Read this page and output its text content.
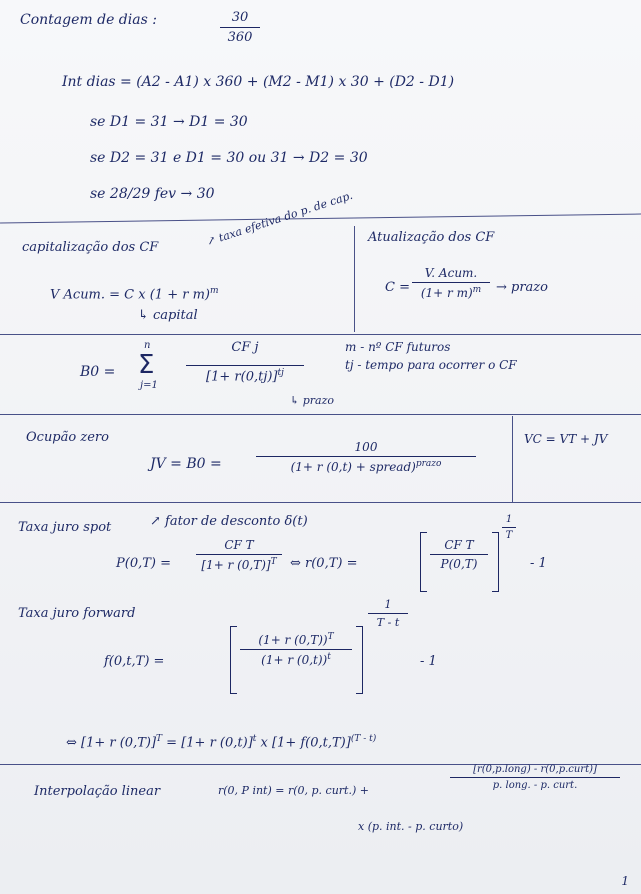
Contagem de dias :	30
360
Int dias = (A2 - A1) x 360 + (M2 - M1) x 30 + (D2 - D1)
se D1 = 31 → D1 = 30
se D2 = 31 e D1 = 30 ou 31 → D2 = 30
se 28/29 fev → 30
capitalização dos CF	↗ taxa efetiva do p. de cap.
V Acum. = C x (1 + r m)$^m$
↳ capital
Atualização dos CF
C =
V. Acum.
(1+ r m)$^m$	→ prazo
B0 =
n
Σ
j=1
CF j
$[1+ r(0,tj)]^{tj}$
↳ prazo
m - nº CF futuros
tj - tempo para ocorrer o CF
Ocupão zero
JV = B0 =
100
(1+ r (0,t) + spread)$^{prazo}$
VC = VT + JV
Taxa juro spot	↗ fator de desconto δ(t)
P(0,T) =
CF T
[1+ r (0,T)]$^T$	⇔ r(0,T) =
CF T
P(0,T)
1
T
- 1
Taxa juro forward
f(0,t,T) =
(1+ r (0,T))$^T$
(1+ r (0,t))$^t$
1
T - t
- 1
⇔ [1+ r (0,T)]$^T$ = [1+ r (0,t)]$^t$ x $[1+ f(0,t,T)]^{(T - t)}$
Interpolação linear	r(0, P int) = r(0, p. curt.) +
[r(0,p.long) - r(0,p.curt)]
p. long. - p. curt.
x (p. int. - p. curto)
1
